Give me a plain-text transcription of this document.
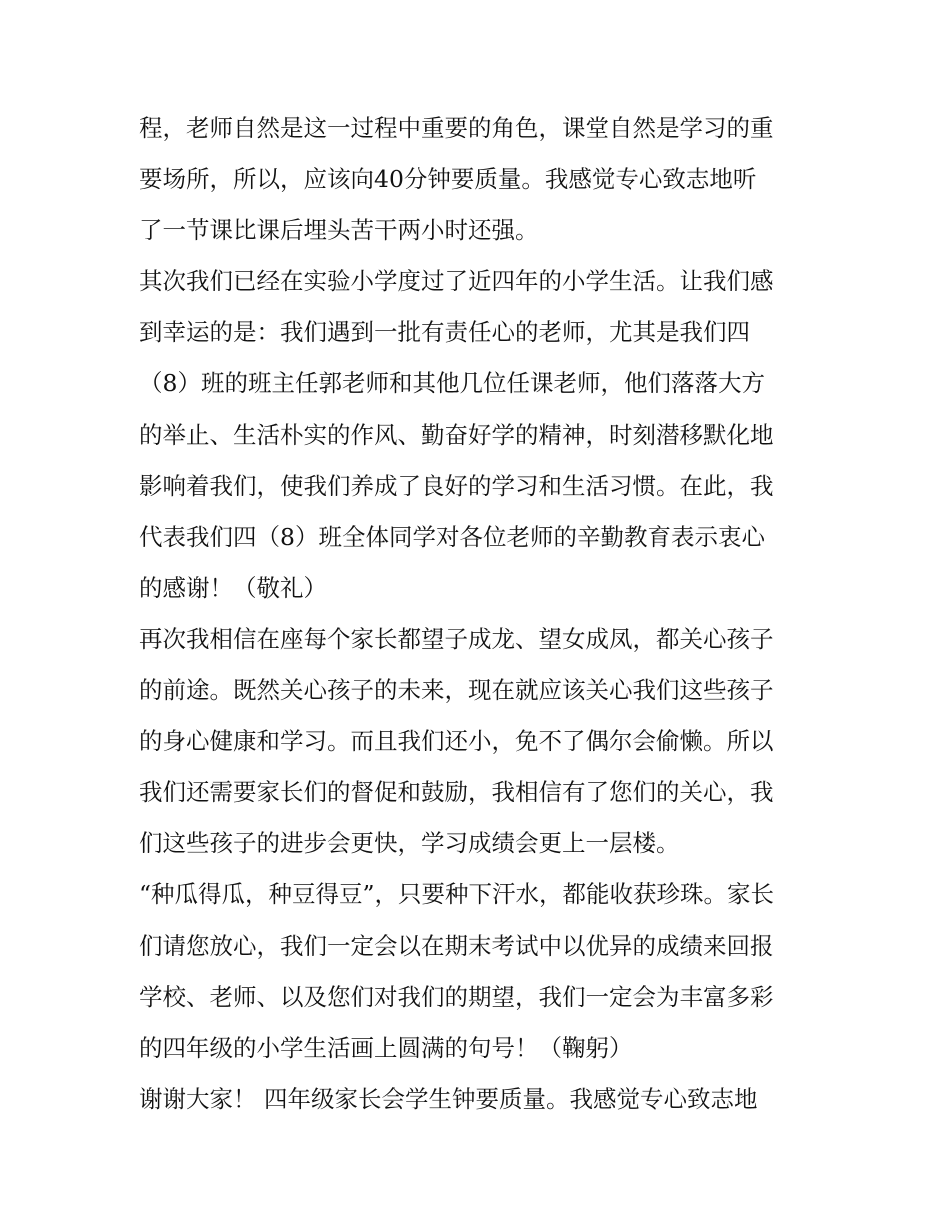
程，老师自然是这一过程中重要的角色，课堂自然是学习的重
要场所，所以，应该向40分钟要质量。我感觉专心致志地听
了一节课比课后埋头苦干两小时还强。
其次我们已经在实验小学度过了近四年的小学生活。让我们感
到幸运的是：我们遇到一批有责任心的老师，尤其是我们四
（8）班的班主任郭老师和其他几位任课老师，他们落落大方
的举止、生活朴实的作风、勤奋好学的精神，时刻潜移默化地
影响着我们，使我们养成了良好的学习和生活习惯。在此，我
代表我们四（8）班全体同学对各位老师的辛勤教育表示衷心
的感谢！（敬礼）
再次我相信在座每个家长都望子成龙、望女成凤，都关心孩子
的前途。既然关心孩子的未来，现在就应该关心我们这些孩子
的身心健康和学习。而且我们还小，免不了偶尔会偷懒。所以
我们还需要家长们的督促和鼓励，我相信有了您们的关心，我
们这些孩子的进步会更快，学习成绩会更上一层楼。
“种瓜得瓜，种豆得豆”，只要种下汗水，都能收获珍珠。家长
们请您放心，我们一定会以在期末考试中以优异的成绩来回报
学校、老师、以及您们对我们的期望，我们一定会为丰富多彩
的四年级的小学生活画上圆满的句号！（鞠躬）
谢谢大家！ 四年级家长会学生钟要质量。我感觉专心致志地
